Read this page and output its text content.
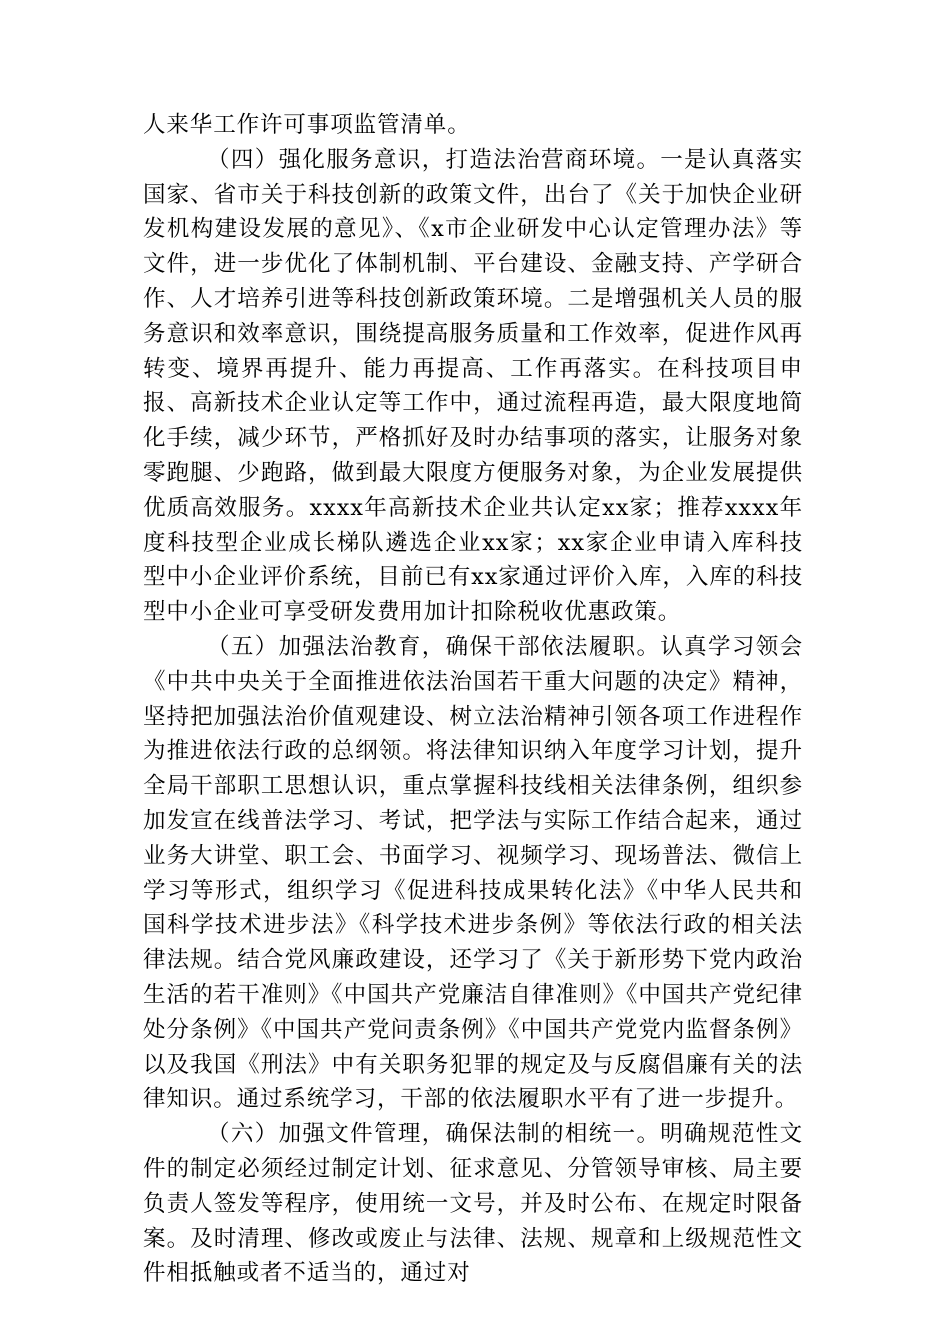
人来华工作许可事项监管清单。

（四）强化服务意识，打造法治营商环境。一是认真落实国家、省市关于科技创新的政策文件，出台了《关于加快企业研发机构建设发展的意见》、《x市企业研发中心认定管理办法》等文件，进一步优化了体制机制、平台建设、金融支持、产学研合作、人才培养引进等科技创新政策环境。二是增强机关人员的服务意识和效率意识，围绕提高服务质量和工作效率，促进作风再转变、境界再提升、能力再提高、工作再落实。在科技项目申报、高新技术企业认定等工作中，通过流程再造，最大限度地简化手续，减少环节，严格抓好及时办结事项的落实，让服务对象零跑腿、少跑路，做到最大限度方便服务对象，为企业发展提供优质高效服务。xxxx年高新技术企业共认定xx家；推荐xxxx年度科技型企业成长梯队遴选企业xx家；xx家企业申请入库科技型中小企业评价系统，目前已有xx家通过评价入库，入库的科技型中小企业可享受研发费用加计扣除税收优惠政策。

（五）加强法治教育，确保干部依法履职。认真学习领会《中共中央关于全面推进依法治国若干重大问题的决定》精神，坚持把加强法治价值观建设、树立法治精神引领各项工作进程作为推进依法行政的总纲领。将法律知识纳入年度学习计划，提升全局干部职工思想认识，重点掌握科技线相关法律条例，组织参加发宣在线普法学习、考试，把学法与实际工作结合起来，通过业务大讲堂、职工会、书面学习、视频学习、现场普法、微信上学习等形式，组织学习《促进科技成果转化法》《中华人民共和国科学技术进步法》《科学技术进步条例》等依法行政的相关法律法规。结合党风廉政建设，还学习了《关于新形势下党内政治生活的若干准则》《中国共产党廉洁自律准则》《中国共产党纪律处分条例》《中国共产党问责条例》《中国共产党党内监督条例》以及我国《刑法》中有关职务犯罪的规定及与反腐倡廉有关的法律知识。通过系统学习，干部的依法履职水平有了进一步提升。

（六）加强文件管理，确保法制的相统一。明确规范性文件的制定必须经过制定计划、征求意见、分管领导审核、局主要负责人签发等程序，使用统一文号，并及时公布、在规定时限备案。及时清理、修改或废止与法律、法规、规章和上级规范性文件相抵触或者不适当的，通过对
